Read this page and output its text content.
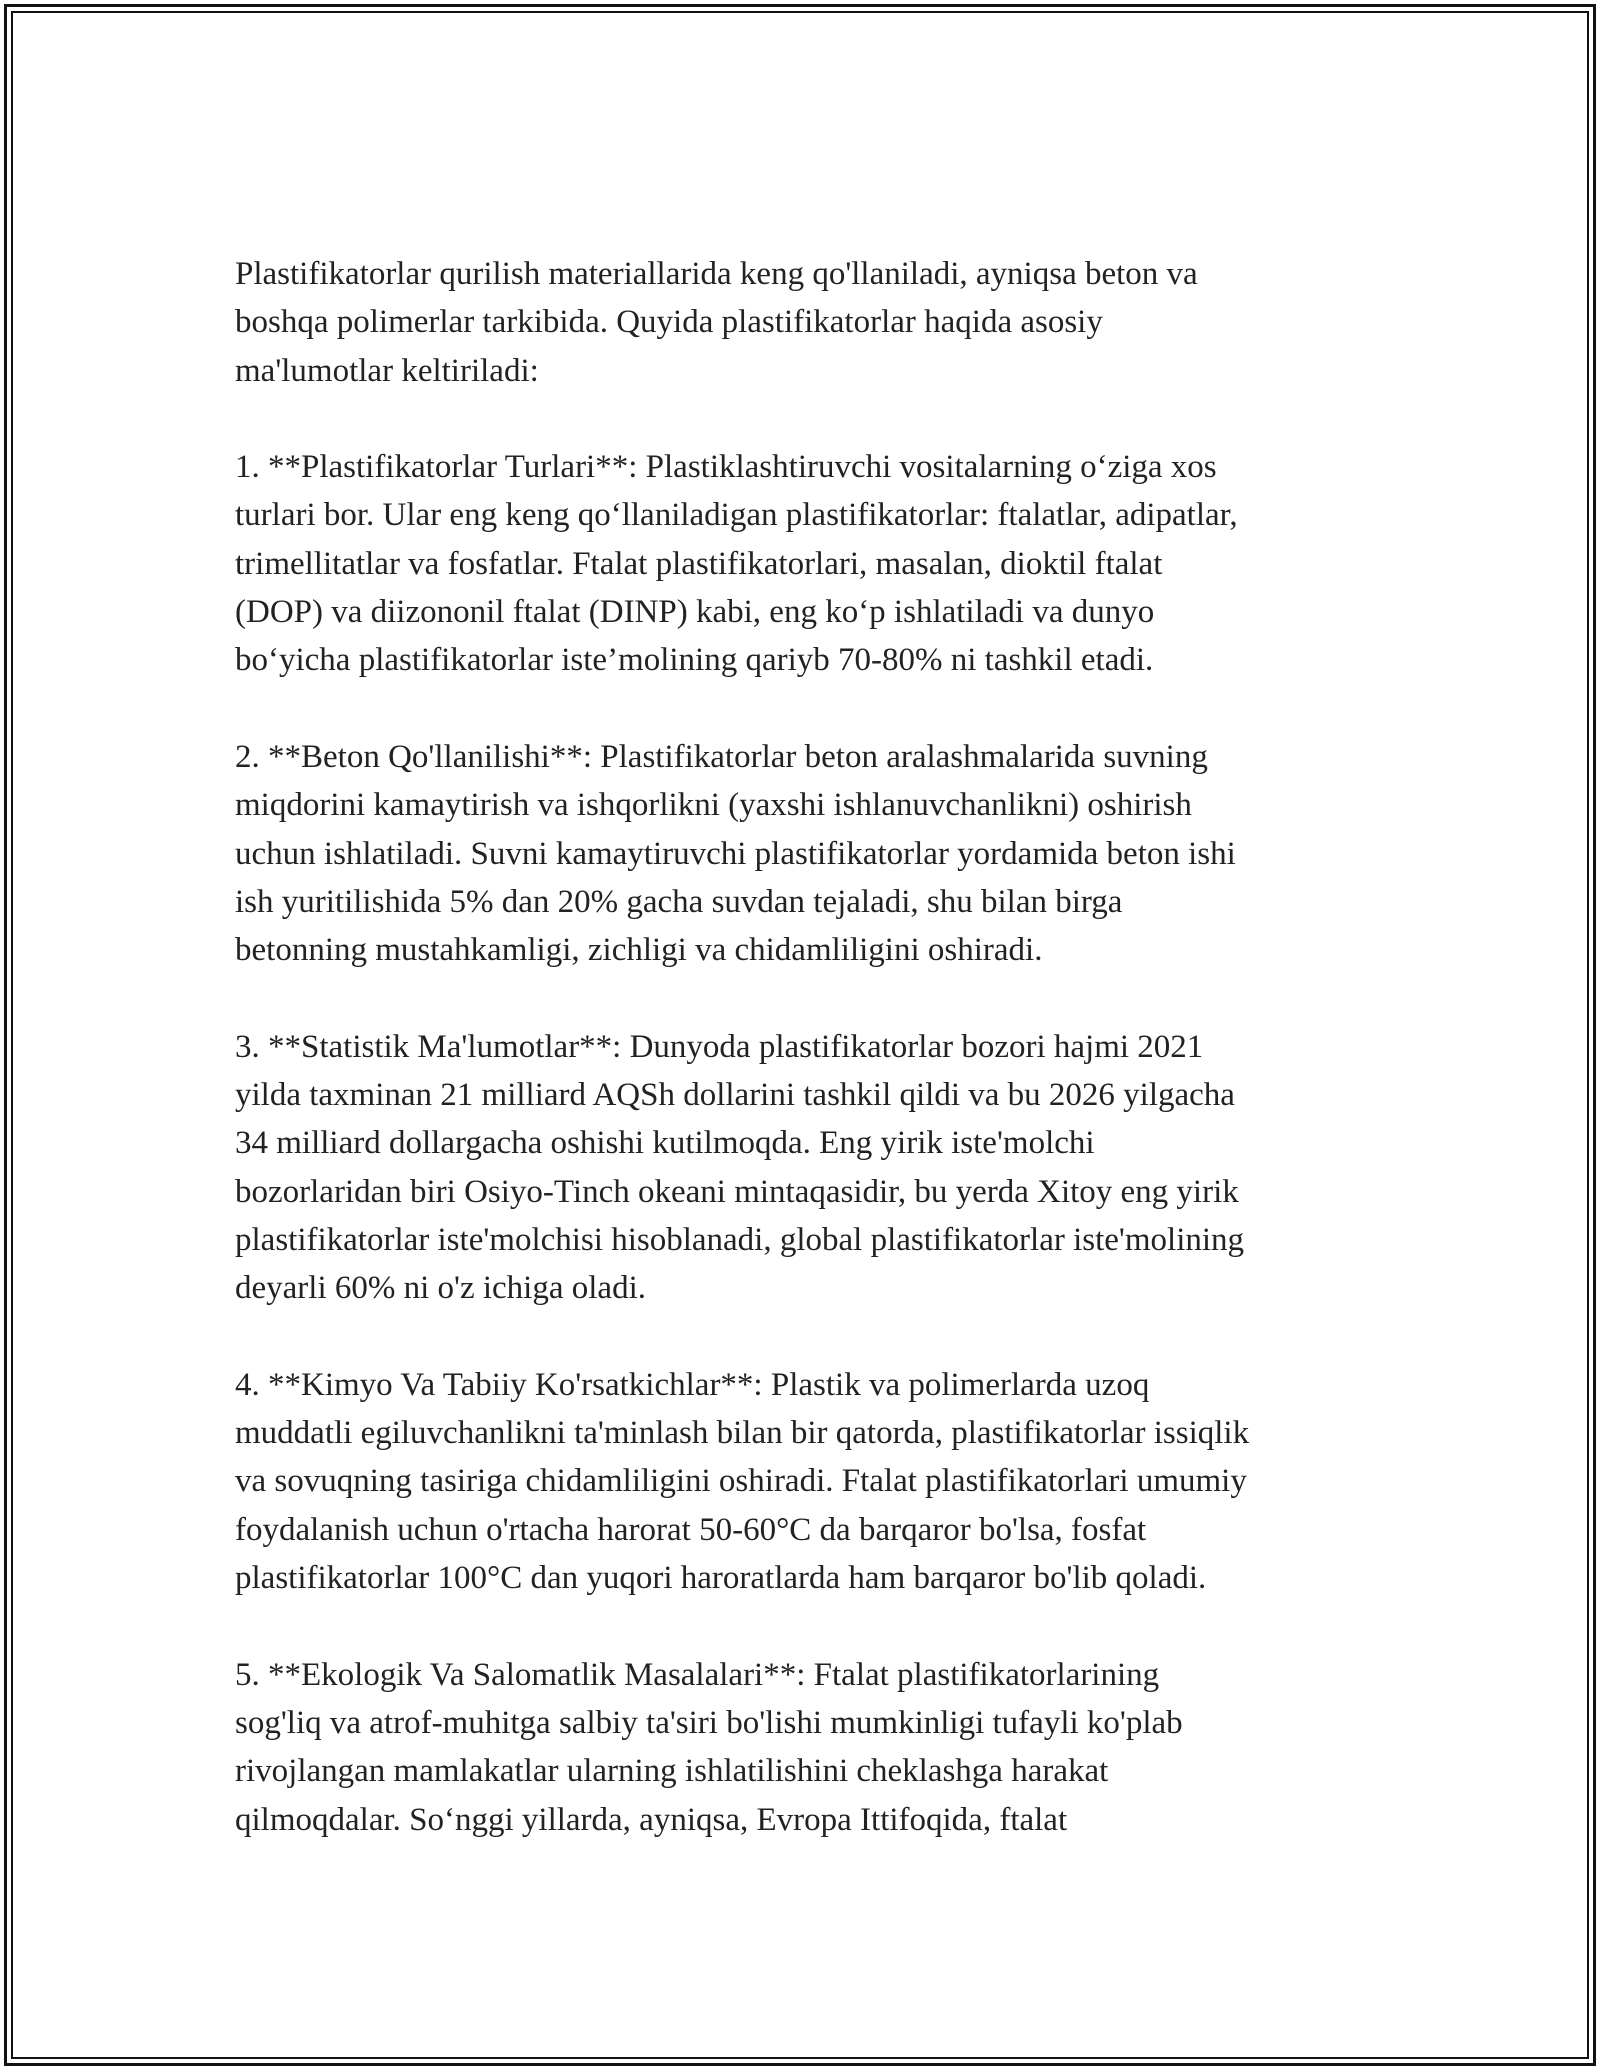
Plastifikatorlar qurilish materiallarida keng qo'llaniladi, ayniqsa beton va
boshqa polimerlar tarkibida. Quyida plastifikatorlar haqida asosiy
ma'lumotlar keltiriladi:

1. **Plastifikatorlar Turlari**: Plastiklashtiruvchi vositalarning o‘ziga xos
turlari bor. Ular eng keng qo‘llaniladigan plastifikatorlar: ftalatlar, adipatlar,
trimellitatlar va fosfatlar. Ftalat plastifikatorlari, masalan, dioktil ftalat
(DOP) va diizononil ftalat (DINP) kabi, eng ko‘p ishlatiladi va dunyo
bo‘yicha plastifikatorlar iste’molining qariyb 70-80% ni tashkil etadi.

2. **Beton Qo'llanilishi**: Plastifikatorlar beton aralashmalarida suvning
miqdorini kamaytirish va ishqorlikni (yaxshi ishlanuvchanlikni) oshirish
uchun ishlatiladi. Suvni kamaytiruvchi plastifikatorlar yordamida beton ishi
ish yuritilishida 5% dan 20% gacha suvdan tejaladi, shu bilan birga
betonning mustahkamligi, zichligi va chidamliligini oshiradi.

3. **Statistik Ma'lumotlar**: Dunyoda plastifikatorlar bozori hajmi 2021
yilda taxminan 21 milliard AQSh dollarini tashkil qildi va bu 2026 yilgacha
34 milliard dollargacha oshishi kutilmoqda. Eng yirik iste'molchi
bozorlaridan biri Osiyo-Tinch okeani mintaqasidir, bu yerda Xitoy eng yirik
plastifikatorlar iste'molchisi hisoblanadi, global plastifikatorlar iste'molining
deyarli 60% ni o'z ichiga oladi.

4. **Kimyo Va Tabiiy Ko'rsatkichlar**: Plastik va polimerlarda uzoq
muddatli egiluvchanlikni ta'minlash bilan bir qatorda, plastifikatorlar issiqlik
va sovuqning tasiriga chidamliligini oshiradi. Ftalat plastifikatorlari umumiy
foydalanish uchun o'rtacha harorat 50-60°C da barqaror bo'lsa, fosfat
plastifikatorlar 100°C dan yuqori haroratlarda ham barqaror bo'lib qoladi.

5. **Ekologik Va Salomatlik Masalalari**: Ftalat plastifikatorlarining
sog'liq va atrof-muhitga salbiy ta'siri bo'lishi mumkinligi tufayli ko'plab
rivojlangan mamlakatlar ularning ishlatilishini cheklashga harakat
qilmoqdalar. So‘nggi yillarda, ayniqsa, Evropa Ittifoqida, ftalat
